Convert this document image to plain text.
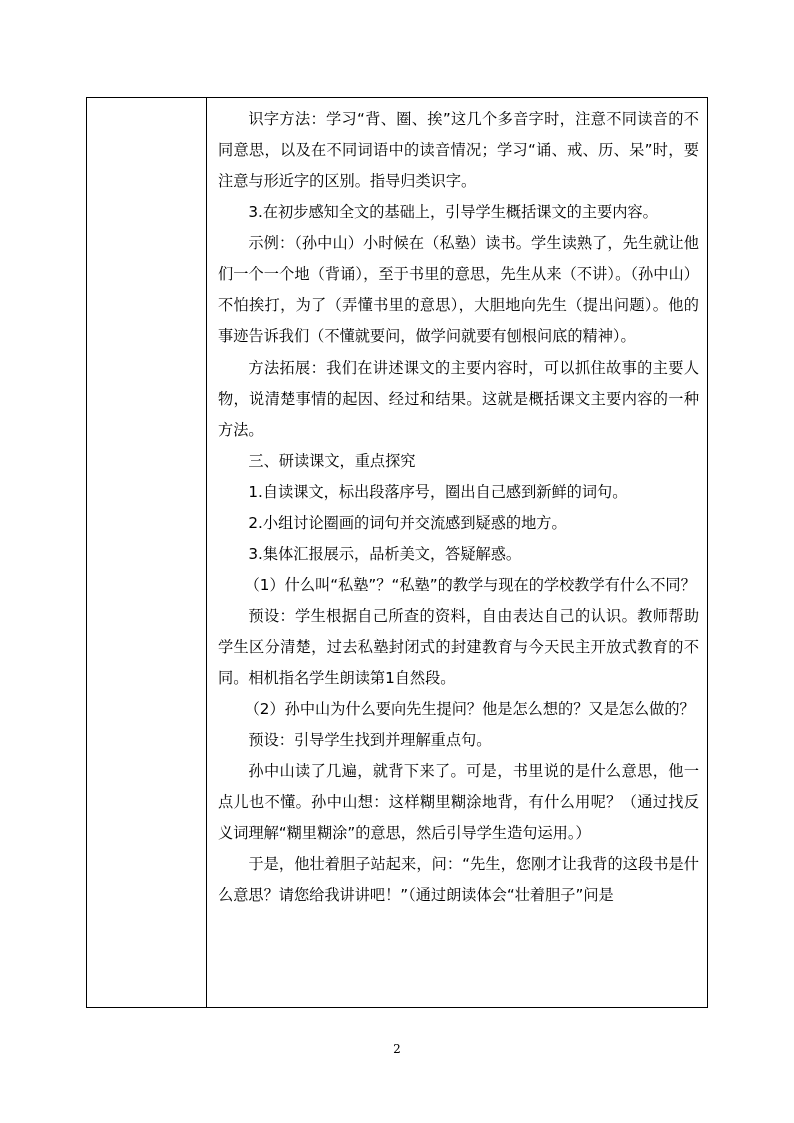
识字方法：学习“背、圈、挨”这几个多音字时，注意不同读音的不同意思，以及在不同词语中的读音情况；学习“诵、戒、历、呆”时，要注意与形近字的区别。指导归类识字。

3.在初步感知全文的基础上，引导学生概括课文的主要内容。

示例：（孙中山）小时候在（私塾）读书。学生读熟了，先生就让他们一个一个地（背诵），至于书里的意思，先生从来（不讲）。（孙中山）不怕挨打，为了（弄懂书里的意思），大胆地向先生（提出问题）。他的事迹告诉我们（不懂就要问，做学问就要有刨根问底的精神）。

方法拓展：我们在讲述课文的主要内容时，可以抓住故事的主要人物，说清楚事情的起因、经过和结果。这就是概括课文主要内容的一种方法。

三、研读课文，重点探究

1.自读课文，标出段落序号，圈出自己感到新鲜的词句。

2.小组讨论圈画的词句并交流感到疑惑的地方。

3.集体汇报展示，品析美文，答疑解惑。

（1）什么叫“私塾”？“私塾”的教学与现在的学校教学有什么不同？

预设：学生根据自己所查的资料，自由表达自己的认识。教师帮助学生区分清楚，过去私塾封闭式的封建教育与今天民主开放式教育的不同。相机指名学生朗读第1自然段。

（2）孙中山为什么要向先生提问？他是怎么想的？又是怎么做的？

预设：引导学生找到并理解重点句。

孙中山读了几遍，就背下来了。可是，书里说的是什么意思，他一点儿也不懂。孙中山想：这样糊里糊涂地背，有什么用呢？（通过找反义词理解“糊里糊涂”的意思，然后引导学生造句运用。）

于是，他壮着胆子站起来，问：“先生，您刚才让我背的这段书是什么意思？请您给我讲讲吧！”（通过朗读体会“壮着胆子”问是

2
